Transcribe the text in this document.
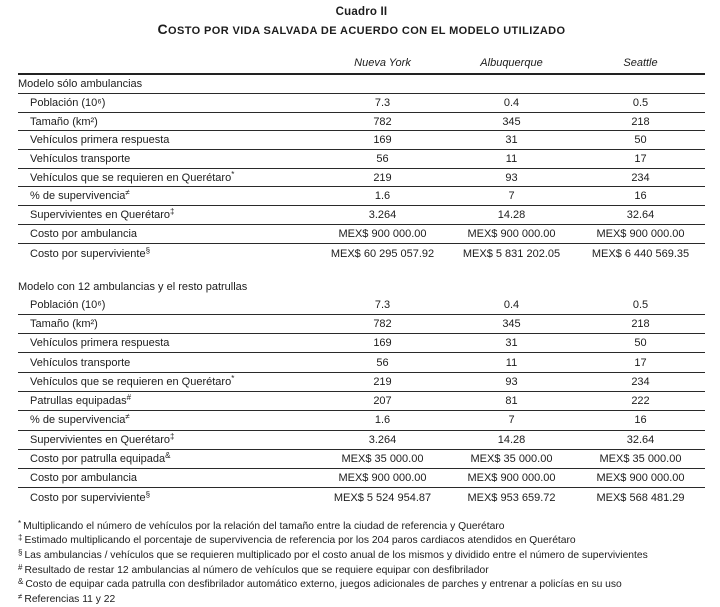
Cuadro II
COSTO POR VIDA SALVADA DE ACUERDO CON EL MODELO UTILIZADO
Nueva York	Albuquerque	Seattle
Modelo sólo ambulancias
Población (10⁶)	7.3	0.4	0.5
Tamaño (km²)	782	345	218
Vehículos primera respuesta	169	31	50
Vehículos transporte	56	11	17
Vehículos que se requieren en Querétaro*	219	93	234
% de supervivencia≠	1.6	7	16
Supervivientes en Querétaro‡	3.264	14.28	32.64
Costo por ambulancia	MEX$ 900 000.00	MEX$ 900 000.00	MEX$ 900 000.00
Costo por superviviente§	MEX$ 60 295 057.92	MEX$ 5 831 202.05	MEX$ 6 440 569.35
Modelo con 12 ambulancias y el resto patrullas
Población (10⁶)	7.3	0.4	0.5
Tamaño (km²)	782	345	218
Vehículos primera respuesta	169	31	50
Vehículos transporte	56	11	17
Vehículos que se requieren en Querétaro*	219	93	234
Patrullas equipadas#	207	81	222
% de supervivencia≠	1.6	7	16
Supervivientes en Querétaro‡	3.264	14.28	32.64
Costo por patrulla equipada&	MEX$ 35 000.00	MEX$ 35 000.00	MEX$ 35 000.00
Costo por ambulancia	MEX$ 900 000.00	MEX$ 900 000.00	MEX$ 900 000.00
Costo por superviviente§	MEX$ 5 524 954.87	MEX$ 953 659.72	MEX$ 568 481.29
* Multiplicando el número de vehículos por la relación del tamaño entre la ciudad de referencia y Querétaro
‡ Estimado multiplicando el porcentaje de supervivencia de referencia por los 204 paros cardiacos atendidos en Querétaro
§ Las ambulancias / vehículos que se requieren multiplicado por el costo anual de los mismos y dividido entre el número de supervivientes
# Resultado de restar 12 ambulancias al número de vehículos que se requiere equipar con desfibrilador
& Costo de equipar cada patrulla con desfibrilador automático externo, juegos adicionales de parches y entrenar a policías en su uso
≠ Referencias 11 y 22
